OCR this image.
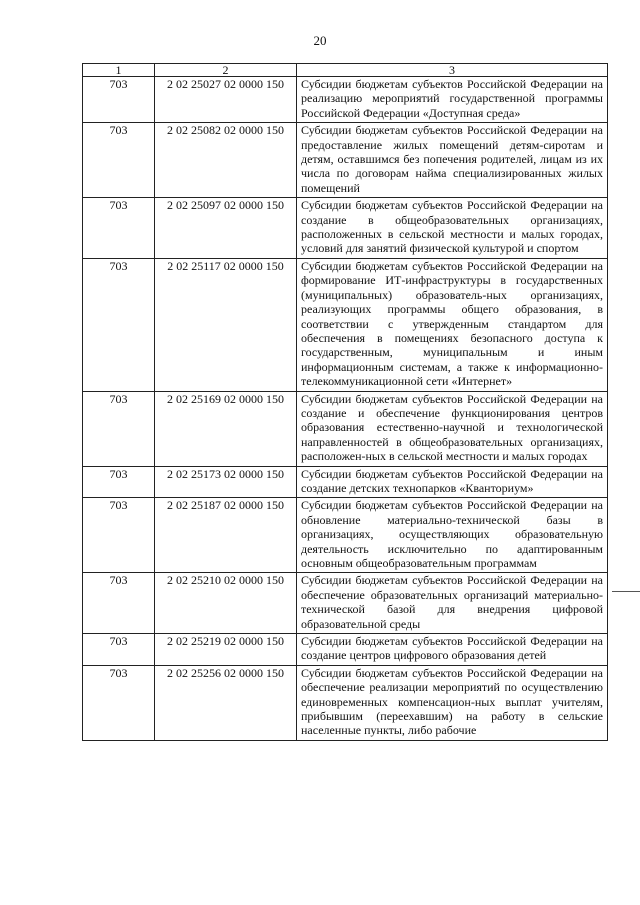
20
1	2	3
703	2 02 25027 02 0000 150	Субсидии бюджетам субъектов Российской Федерации на реализацию мероприятий государственной программы Российской Федерации «Доступная среда»
703	2 02 25082 02 0000 150	Субсидии бюджетам субъектов Российской Федерации на предоставление жилых помещений детям-сиротам и детям, оставшимся без попечения родителей, лицам из их числа по договорам найма специализированных жилых помещений
703	2 02 25097 02 0000 150	Субсидии бюджетам субъектов Российской Федерации на создание в общеобразовательных организациях, расположенных в сельской местности и малых городах, условий для занятий физической культурой и спортом
703	2 02 25117 02 0000 150	Субсидии бюджетам субъектов Российской Федерации на формирование ИТ-инфраструктуры в государственных (муниципальных) образователь-ных организациях, реализующих программы общего образования, в соответствии с утвержденным стандартом для обеспечения в помещениях безопасного доступа к государственным, муниципальным и иным информационным системам, а также к информационно-телекоммуникационной сети «Интернет»
703	2 02 25169 02 0000 150	Субсидии бюджетам субъектов Российской Федерации на создание и обеспечение функционирования центров образования естественно-научной и технологической направленностей в общеобразовательных организациях, расположен-ных в сельской местности и малых городах
703	2 02 25173 02 0000 150	Субсидии бюджетам субъектов Российской Федерации на создание детских технопарков «Кванториум»
703	2 02 25187 02 0000 150	Субсидии бюджетам субъектов Российской Федерации на обновление материально-технической базы в организациях, осуществляющих образовательную деятельность исключительно по адаптированным основным общеобразовательным программам
703	2 02 25210 02 0000 150	Субсидии бюджетам субъектов Российской Федерации на обеспечение образовательных организаций материально-технической базой для внедрения цифровой образовательной среды
703	2 02 25219 02 0000 150	Субсидии бюджетам субъектов Российской Федерации на создание центров цифрового образования детей
703	2 02 25256 02 0000 150	Субсидии бюджетам субъектов Российской Федерации на обеспечение реализации мероприятий по осуществлению единовременных компенсацион-ных выплат учителям, прибывшим (переехавшим) на работу в сельские населенные пункты, либо рабочие
